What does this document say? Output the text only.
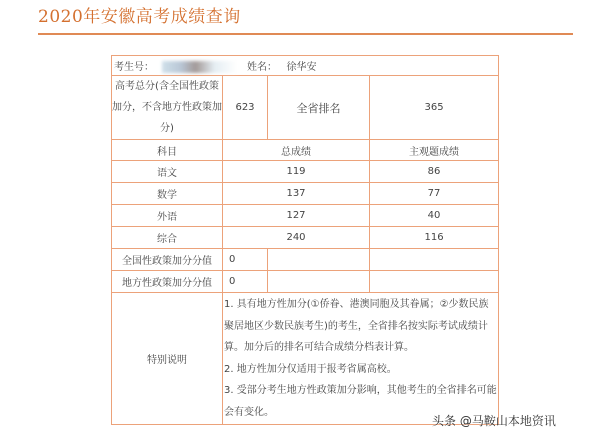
2020年安徽高考成绩查询
考生号： 姓名： 徐华安			
高考总分(含全国性政策加分，不含地方性政策加分)	623	全省排名	365
科目	总成绩		主观题成绩
语文	119		86
数学	137		77
外语	127		40
综合	240		116
全国性政策加分分值	0		
地方性政策加分分值	0		
特别说明	1. 具有地方性加分(①侨眷、港澳同胞及其眷属；②少数民族聚居地区少数民族考生)的考生，全省排名按实际考试成绩计算。加分后的排名可结合成绩分档表计算。
2. 地方性加分仅适用于报考省属高校。
3. 受部分考生地方性政策加分影响，其他考生的全省排名可能会有变化。		
头条 @马鞍山本地资讯
